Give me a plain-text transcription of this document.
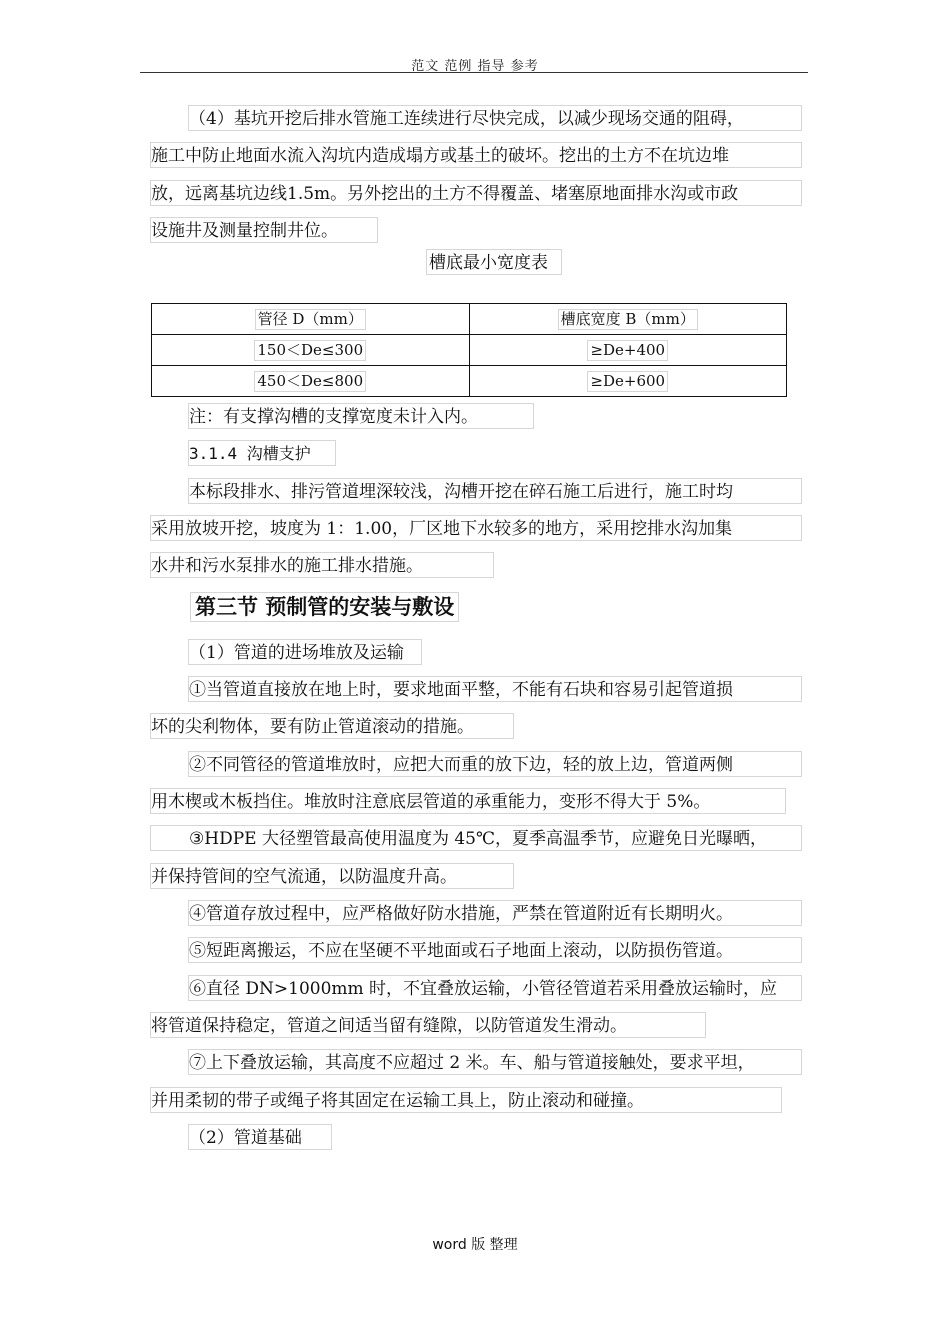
范文 范例 指导 参考
（4）基坑开挖后排水管施工连续进行尽快完成，以减少现场交通的阻碍，
施工中防止地面水流入沟坑内造成塌方或基土的破坏。挖出的土方不在坑边堆
放，远离基坑边线1.5m。另外挖出的土方不得覆盖、堵塞原地面排水沟或市政
设施井及测量控制井位。
槽底最小宽度表
管径 D（mm）	槽底宽度 B（mm）
150＜De≤300	≥De+400
450＜De≤800	≥De+600
注：有支撑沟槽的支撑宽度未计入内。
3.1.4 沟槽支护
本标段排水、排污管道埋深较浅，沟槽开挖在碎石施工后进行，施工时均
采用放坡开挖，坡度为 1：1.00，厂区地下水较多的地方，采用挖排水沟加集
水井和污水泵排水的施工排水措施。
第三节 预制管的安装与敷设
（1）管道的进场堆放及运输
①当管道直接放在地上时，要求地面平整，不能有石块和容易引起管道损
坏的尖利物体，要有防止管道滚动的措施。
②不同管径的管道堆放时，应把大而重的放下边，轻的放上边，管道两侧
用木楔或木板挡住。堆放时注意底层管道的承重能力，变形不得大于 5%。
③HDPE 大径塑管最高使用温度为 45℃，夏季高温季节，应避免日光曝晒，
并保持管间的空气流通，以防温度升高。
④管道存放过程中，应严格做好防水措施，严禁在管道附近有长期明火。
⑤短距离搬运，不应在坚硬不平地面或石子地面上滚动，以防损伤管道。
⑥直径 DN>1000mm 时，不宜叠放运输，小管径管道若采用叠放运输时，应
将管道保持稳定，管道之间适当留有缝隙，以防管道发生滑动。
⑦上下叠放运输，其高度不应超过 2 米。车、船与管道接触处，要求平坦，
并用柔韧的带子或绳子将其固定在运输工具上，防止滚动和碰撞。
（2）管道基础
word 版 整理
